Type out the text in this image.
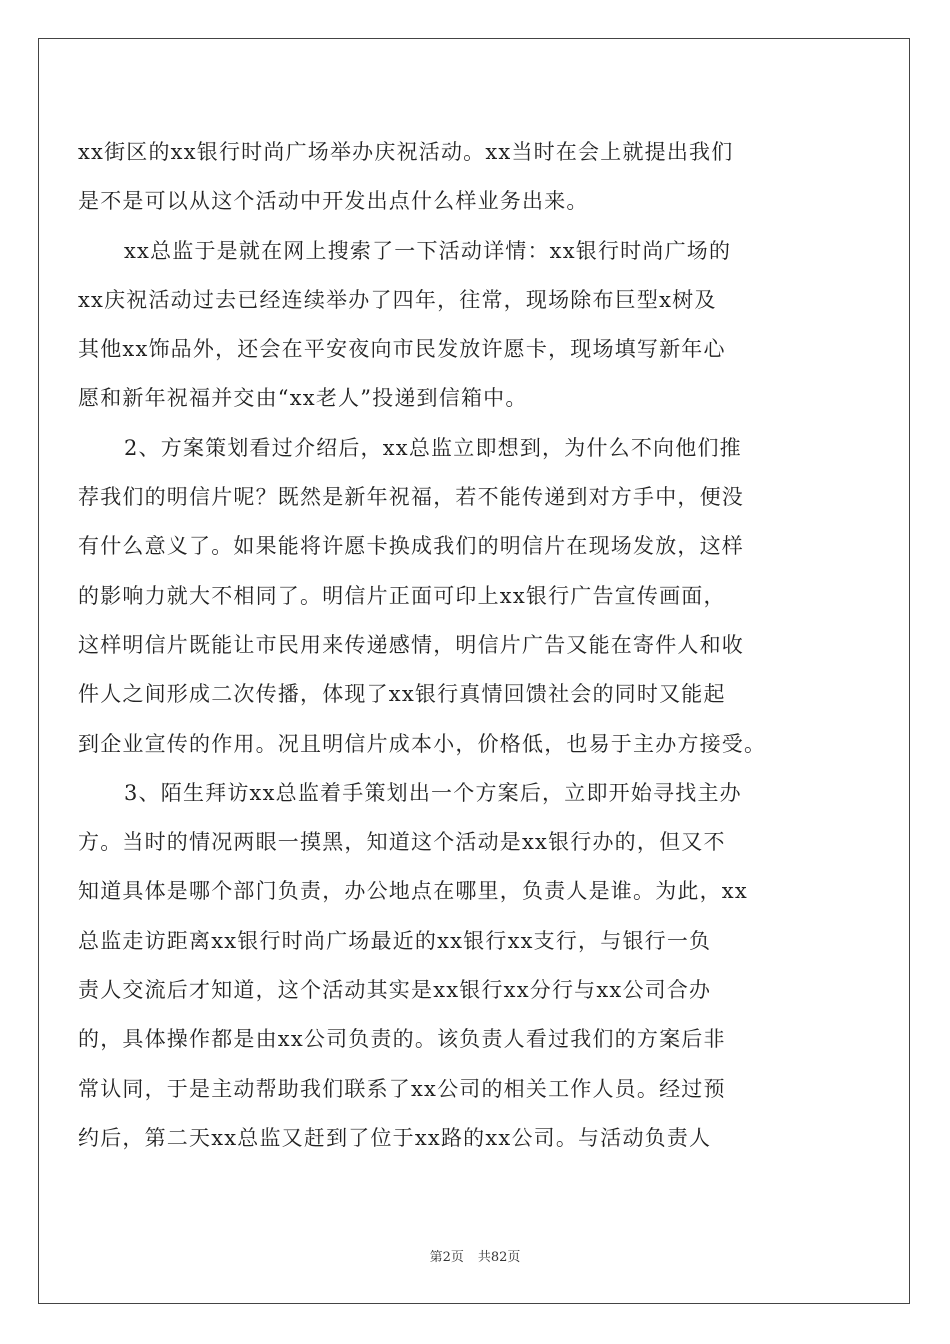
xx街区的xx银行时尚广场举办庆祝活动。xx当时在会上就提出我们
是不是可以从这个活动中开发出点什么样业务出来。
xx总监于是就在网上搜索了一下活动详情：xx银行时尚广场的
xx庆祝活动过去已经连续举办了四年，往常，现场除布巨型x树及
其他xx饰品外，还会在平安夜向市民发放许愿卡，现场填写新年心
愿和新年祝福并交由“xx老人”投递到信箱中。
2、方案策划看过介绍后，xx总监立即想到，为什么不向他们推
荐我们的明信片呢？既然是新年祝福，若不能传递到对方手中，便没
有什么意义了。如果能将许愿卡换成我们的明信片在现场发放，这样
的影响力就大不相同了。明信片正面可印上xx银行广告宣传画面，
这样明信片既能让市民用来传递感情，明信片广告又能在寄件人和收
件人之间形成二次传播，体现了xx银行真情回馈社会的同时又能起
到企业宣传的作用。况且明信片成本小，价格低，也易于主办方接受。
3、陌生拜访xx总监着手策划出一个方案后，立即开始寻找主办
方。当时的情况两眼一摸黑，知道这个活动是xx银行办的，但又不
知道具体是哪个部门负责，办公地点在哪里，负责人是谁。为此，xx
总监走访距离xx银行时尚广场最近的xx银行xx支行，与银行一负
责人交流后才知道，这个活动其实是xx银行xx分行与xx公司合办
的，具体操作都是由xx公司负责的。该负责人看过我们的方案后非
常认同，于是主动帮助我们联系了xx公司的相关工作人员。经过预
约后，第二天xx总监又赶到了位于xx路的xx公司。与活动负责人
第2页 共82页
